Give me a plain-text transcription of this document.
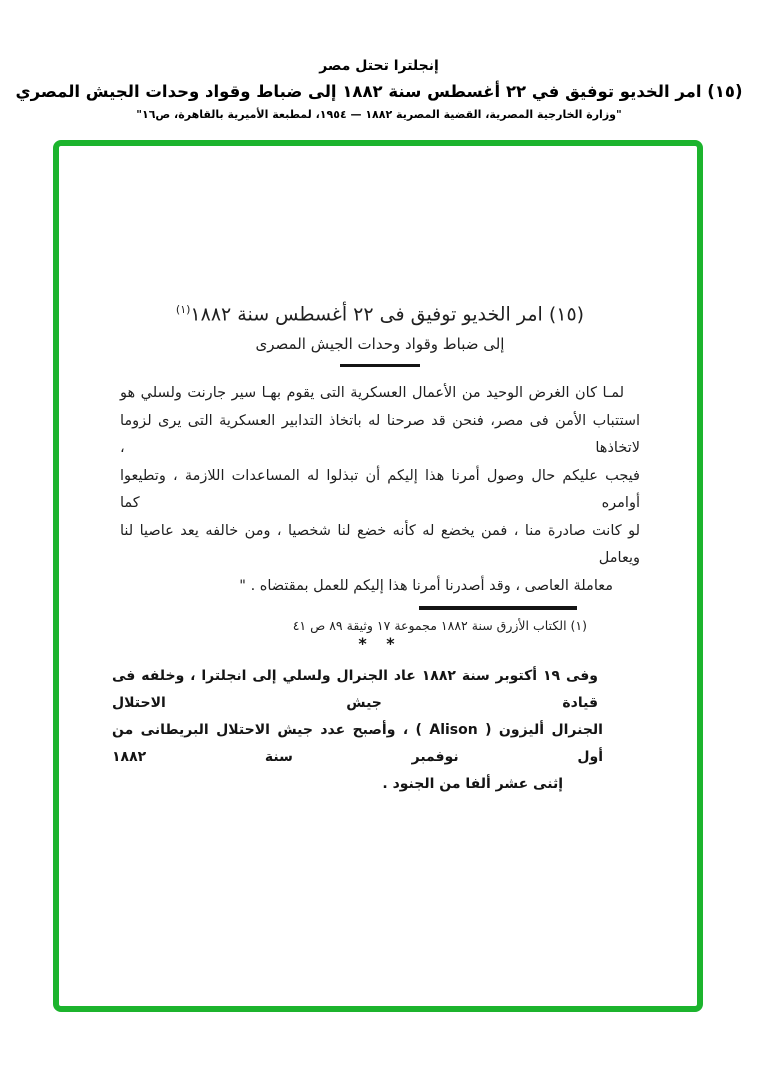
إنجلترا تحتل مصر
(١٥) امر الخديو توفيق في ٢٢ أغسطس سنة ١٨٨٢ إلى ضباط وقواد وحدات الجيش المصري
"وزارة الخارجية المصرية، القضية المصرية ١٨٨٢ — ١٩٥٤، لمطبعة الأميرية بالقاهرة، ص١٦"
(١٥) امر الخديو توفيق فى ٢٢ أغسطس سنة ١٨٨٢$^{(١)}$
إلى ضباط وقواد وحدات الجيش المصرى
لمـا كان الغرض الوحيد من الأعمال العسكرية التى يقوم بهـا سير جارنت ولسلي هو
استتباب الأمن فى مصر، فنحن قد صرحنا له باتخاذ التدابير العسكرية التى يرى لزوما لاتخاذها ،
فيجب عليكم حال وصول أمرنا هذا إليكم أن تبذلوا له المساعدات اللازمة ، وتطيعوا أوامره كما
لو كانت صادرة منا ، فمن يخضع له كأنه خضع لنا شخصيا ، ومن خالفه يعد عاصيا لنا ويعامل
معاملة العاصى ، وقد أصدرنا أمرنا هذا إليكم للعمل بمقتضاه . "
(١) الكتاب الأزرق سنة ١٨٨٢ مجموعة ١٧ وثيقة ٨٩ ص ٤١
* *
وفى ١٩ أكتوبر سنة ١٨٨٢ عاد الجنرال ولسلي إلى انجلترا ، وخلفه فى قيادة جيش الاحتلال
الجنرال أليزون ( Alison ) ، وأصبح عدد جيش الاحتلال البريطانى من أول نوفمبر سنة ١٨٨٢
إثنى عشر ألفا من الجنود .
